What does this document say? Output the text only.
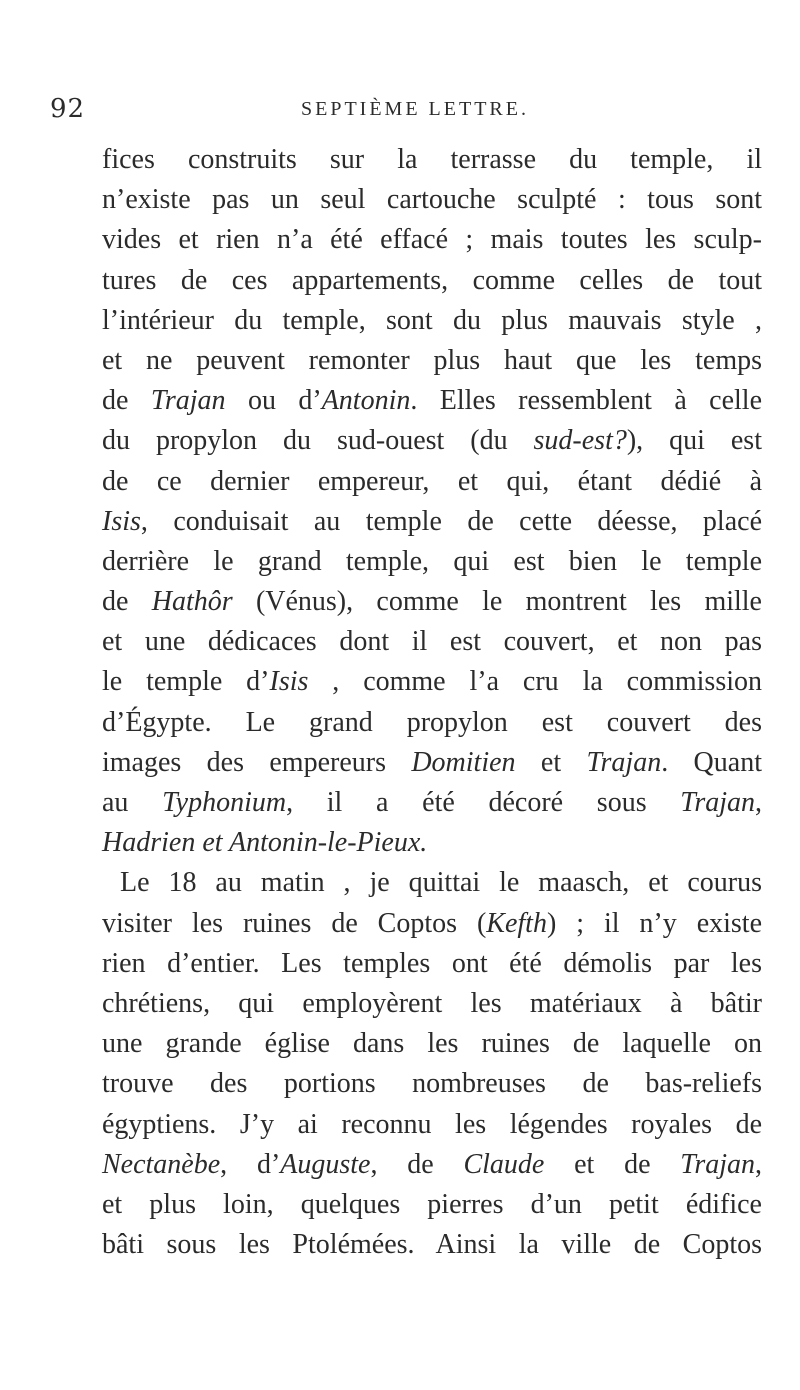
92	SEPTIÈME LETTRE.
fices construits sur la terrasse du temple, il
n’existe pas un seul cartouche sculpté : tous sont
vides et rien n’a été effacé ; mais toutes les sculp-
tures de ces appartements, comme celles de tout
l’intérieur du temple, sont du plus mauvais style ,
et ne peuvent remonter plus haut que les temps
de Trajan ou d’Antonin. Elles ressemblent à celle
du propylon du sud-ouest (du sud-est?), qui est
de ce dernier empereur, et qui, étant dédié à
Isis, conduisait au temple de cette déesse, placé
derrière le grand temple, qui est bien le temple
de Hathôr (Vénus), comme le montrent les mille
et une dédicaces dont il est couvert, et non pas
le temple d’Isis , comme l’a cru la commission
d’Égypte. Le grand propylon est couvert des
images des empereurs Domitien et Trajan. Quant
au Typhonium, il a été décoré sous Trajan,
Hadrien et Antonin-le-Pieux.
Le 18 au matin , je quittai le maasch, et courus
visiter les ruines de Coptos (Kefth) ; il n’y existe
rien d’entier. Les temples ont été démolis par les
chrétiens, qui employèrent les matériaux à bâtir
une grande église dans les ruines de laquelle on
trouve des portions nombreuses de bas-reliefs
égyptiens. J’y ai reconnu les légendes royales de
Nectanèbe, d’Auguste, de Claude et de Trajan,
et plus loin, quelques pierres d’un petit édifice
bâti sous les Ptolémées. Ainsi la ville de Coptos
